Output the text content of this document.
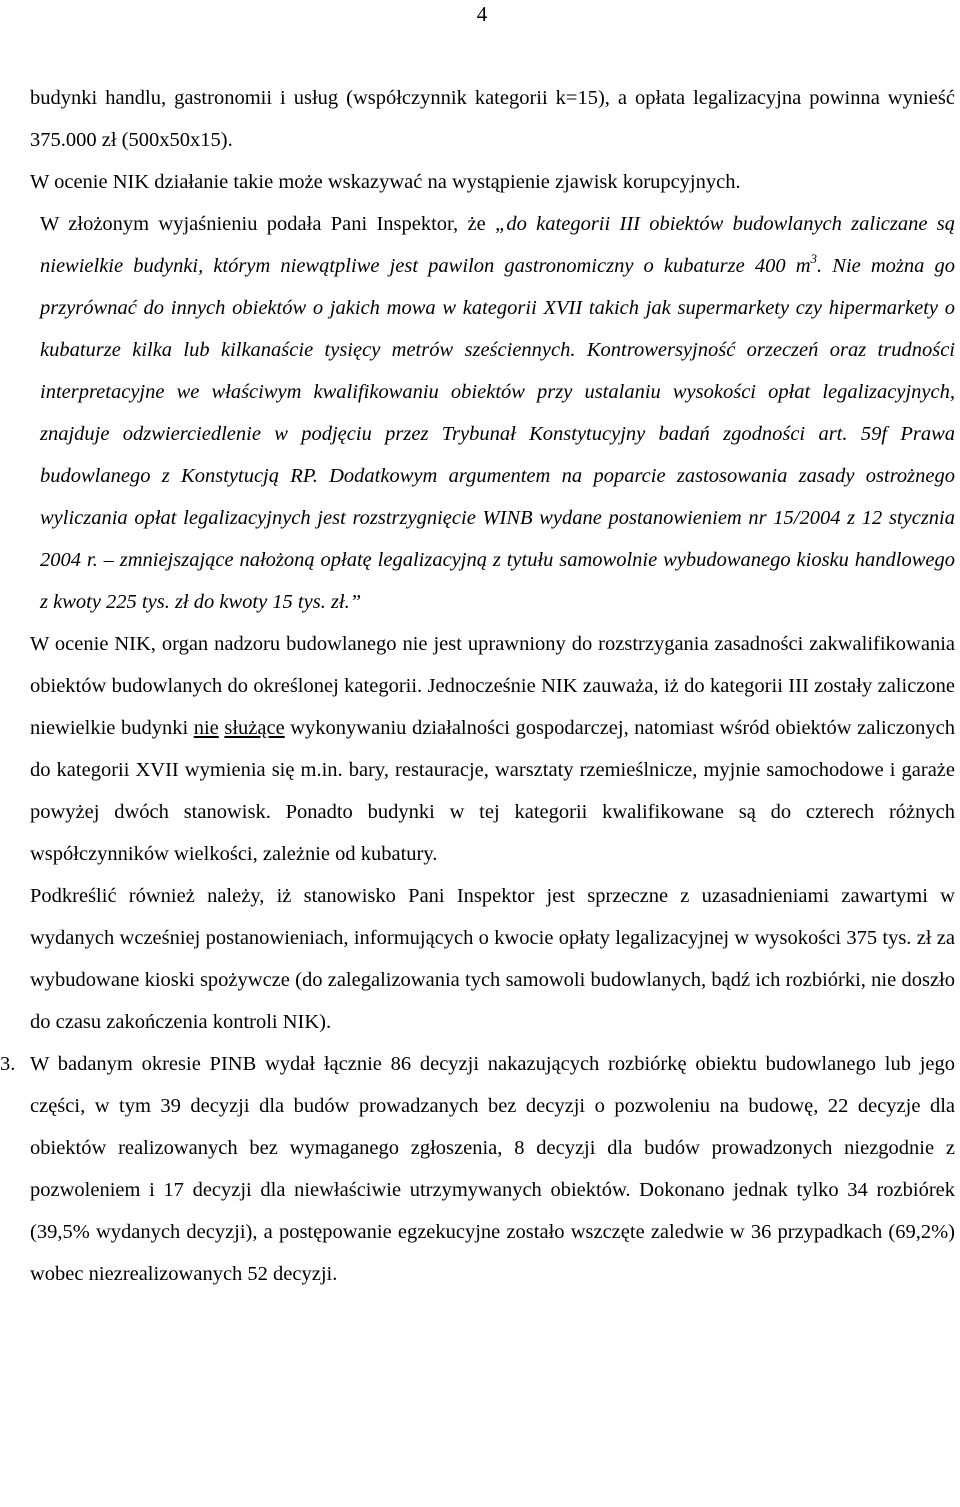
4

budynki handlu, gastronomii i usług (współczynnik kategorii k=15), a opłata legalizacyjna powinna wynieść 375.000 zł (500x50x15).

W ocenie NIK działanie takie może wskazywać na wystąpienie zjawisk korupcyjnych.

W złożonym wyjaśnieniu podała Pani Inspektor, że „do kategorii III obiektów budowlanych zaliczane są niewielkie budynki, którym niewątpliwe jest pawilon gastronomiczny o kubaturze 400 $m^3$. Nie można go przyrównać do innych obiektów o jakich mowa w kategorii XVII takich jak supermarkety czy hipermarkety o kubaturze kilka lub kilkanaście tysięcy metrów sześciennych. Kontrowersyjność orzeczeń oraz trudności interpretacyjne we właściwym kwalifikowaniu obiektów przy ustalaniu wysokości opłat legalizacyjnych, znajduje odzwierciedlenie w podjęciu przez Trybunał Konstytucyjny badań zgodności art. 59f Prawa budowlanego z Konstytucją RP. Dodatkowym argumentem na poparcie zastosowania zasady ostrożnego wyliczania opłat legalizacyjnych jest rozstrzygnięcie WINB wydane postanowieniem nr 15/2004 z 12 stycznia 2004 r. – zmniejszające nałożoną opłatę legalizacyjną z tytułu samowolnie wybudowanego kiosku handlowego z kwoty 225 tys. zł do kwoty 15 tys. zł.”

W ocenie NIK, organ nadzoru budowlanego nie jest uprawniony do rozstrzygania zasadności zakwalifikowania obiektów budowlanych do określonej kategorii. Jednocześnie NIK zauważa, iż do kategorii III zostały zaliczone niewielkie budynki nie służące wykonywaniu działalności gospodarczej, natomiast wśród obiektów zaliczonych do kategorii XVII wymienia się m.in. bary, restauracje, warsztaty rzemieślnicze, myjnie samochodowe i garaże powyżej dwóch stanowisk. Ponadto budynki w tej kategorii kwalifikowane są do czterech różnych współczynników wielkości, zależnie od kubatury.

Podkreślić również należy, iż stanowisko Pani Inspektor jest sprzeczne z uzasadnieniami zawartymi w wydanych wcześniej postanowieniach, informujących o kwocie opłaty legalizacyjnej w wysokości 375 tys. zł za wybudowane kioski spożywcze (do zalegalizowania tych samowoli budowlanych, bądź ich rozbiórki, nie doszło do czasu zakończenia kontroli NIK).

3. W badanym okresie PINB wydał łącznie 86 decyzji nakazujących rozbiórkę obiektu budowlanego lub jego części, w tym 39 decyzji dla budów prowadzanych bez decyzji o pozwoleniu na budowę, 22 decyzje dla obiektów realizowanych bez wymaganego zgłoszenia, 8 decyzji dla budów prowadzonych niezgodnie z pozwoleniem i 17 decyzji dla niewłaściwie utrzymywanych obiektów. Dokonano jednak tylko 34 rozbiórek (39,5% wydanych decyzji), a postępowanie egzekucyjne zostało wszczęte zaledwie w 36 przypadkach (69,2%) wobec niezrealizowanych 52 decyzji.
